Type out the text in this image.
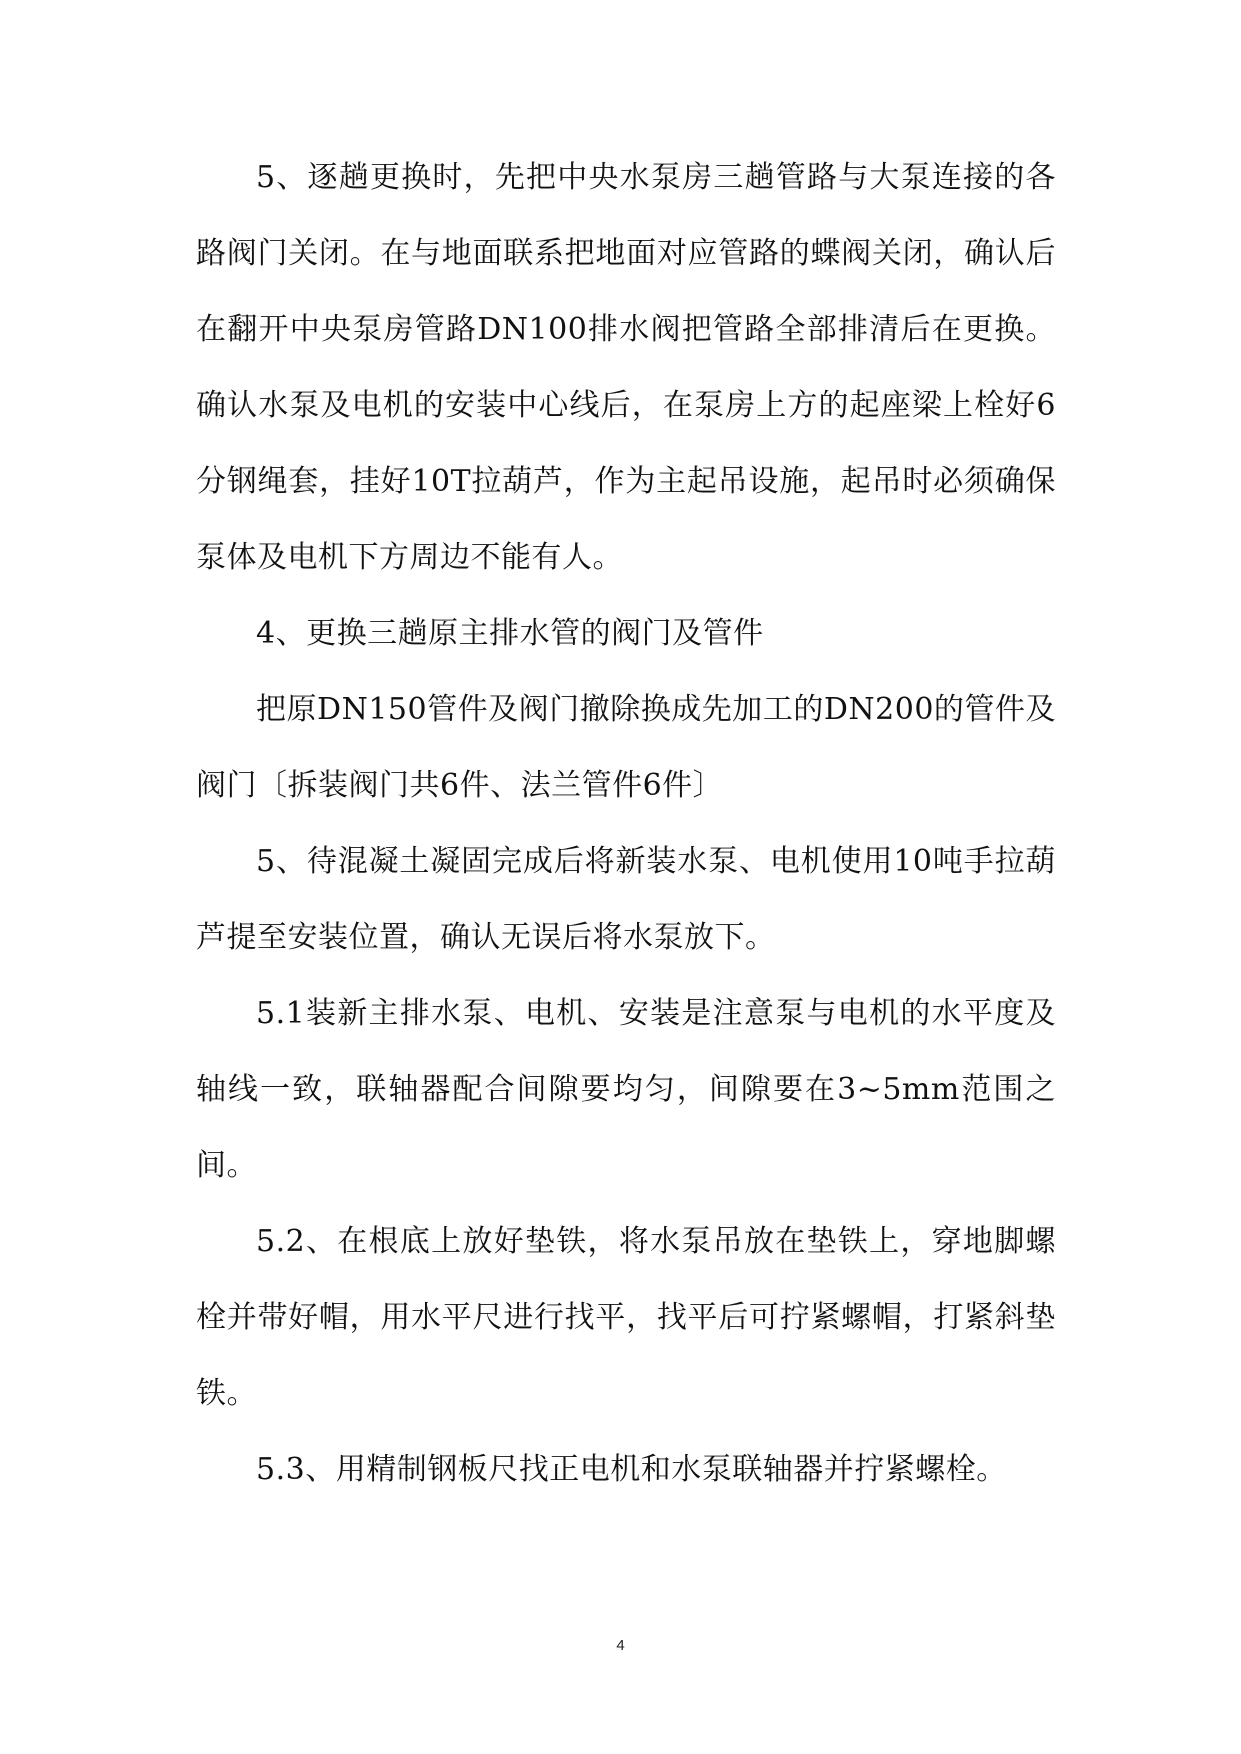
5、逐趟更换时，先把中央水泵房三趟管路与大泵连接的各路阀门关闭。在与地面联系把地面对应管路的蝶阀关闭，确认后在翻开中央泵房管路DN100排水阀把管路全部排清后在更换。确认水泵及电机的安装中心线后，在泵房上方的起座梁上栓好6分钢绳套，挂好10T拉葫芦，作为主起吊设施，起吊时必须确保泵体及电机下方周边不能有人。

4、更换三趟原主排水管的阀门及管件

把原DN150管件及阀门撤除换成先加工的DN200的管件及阀门〔拆装阀门共6件、法兰管件6件〕

5、待混凝土凝固完成后将新装水泵、电机使用10吨手拉葫芦提至安装位置，确认无误后将水泵放下。

5.1装新主排水泵、电机、安装是注意泵与电机的水平度及轴线一致，联轴器配合间隙要均匀，间隙要在3~5mm范围之间。

5.2、在根底上放好垫铁，将水泵吊放在垫铁上，穿地脚螺栓并带好帽，用水平尺进行找平，找平后可拧紧螺帽，打紧斜垫铁。

5.3、用精制钢板尺找正电机和水泵联轴器并拧紧螺栓。

4
